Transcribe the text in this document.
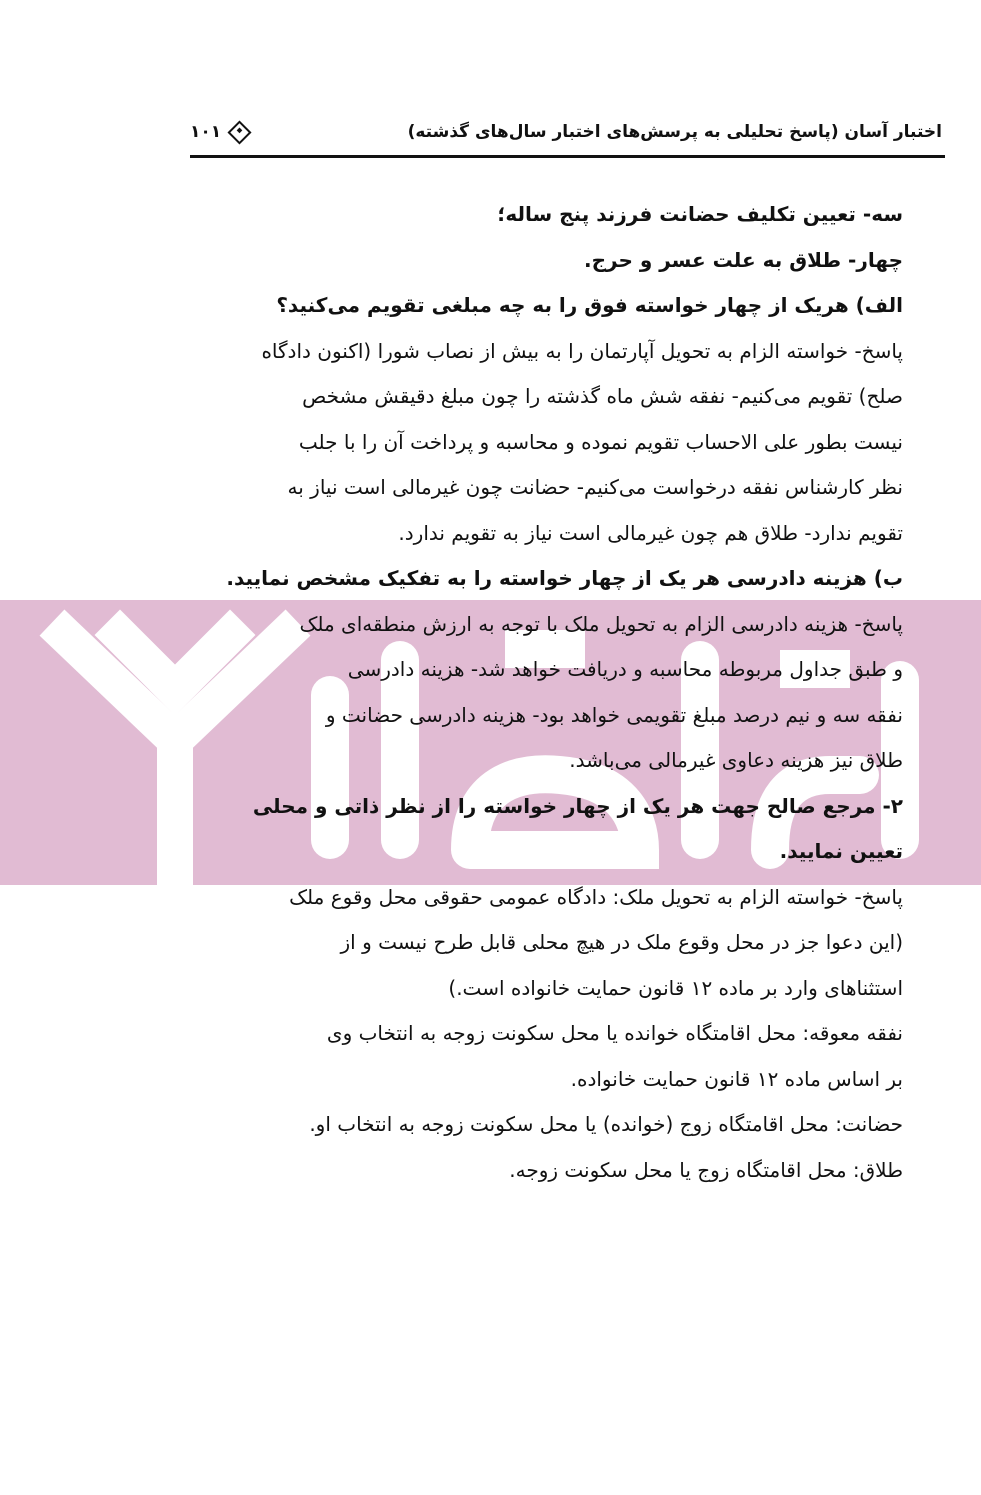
اختبار آسان (پاسخ تحلیلی به پرسش‌های اختبار سال‌های گذشته)
۱۰۱
سه- تعیین تکلیف حضانت فرزند پنج ساله؛
چهار- طلاق به علت عسر و حرج.
الف) هریک از چهار خواسته فوق را به چه مبلغی تقویم می‌کنید؟
پاسخ- خواسته الزام به تحویل آپارتمان را به بیش از نصاب شورا (اکنون دادگاه
صلح) تقویم می‌کنیم- نفقه شش ماه گذشته را چون مبلغ دقیقش مشخص
نیست بطور علی الاحساب تقویم نموده و محاسبه و پرداخت آن را با جلب
نظر کارشناس نفقه درخواست می‌کنیم- حضانت چون غیرمالی است نیاز به
تقویم ندارد- طلاق هم چون غیرمالی است نیاز به تقویم ندارد.
ب) هزینه دادرسی هر یک از چهار خواسته را به تفکیک مشخص نمایید.
پاسخ- هزینه دادرسی الزام به تحویل ملک با توجه به ارزش منطقه‌ای ملک
و طبق جداول مربوطه محاسبه و دریافت خواهد شد- هزینه دادرسی
نفقه سه و نیم درصد مبلغ تقویمی خواهد بود- هزینه دادرسی حضانت و
طلاق نیز هزینه دعاوی غیرمالی می‌باشد.
۲- مرجع صالح جهت هر یک از چهار خواسته را از نظر ذاتی و محلی
تعیین نمایید.
پاسخ- خواسته الزام به تحویل ملک: دادگاه عمومی حقوقی محل وقوع ملک
(این دعوا جز در محل وقوع ملک در هیچ محلی قابل طرح نیست و از
استثناهای وارد بر ماده ۱۲ قانون حمایت خانواده است.)
نفقه معوقه: محل اقامتگاه خوانده یا محل سکونت زوجه به انتخاب وی
بر اساس ماده ۱۲ قانون حمایت خانواده.
حضانت: محل اقامتگاه زوج (خوانده) یا محل سکونت زوجه به انتخاب او.
طلاق: محل اقامتگاه زوج یا محل سکونت زوجه.
